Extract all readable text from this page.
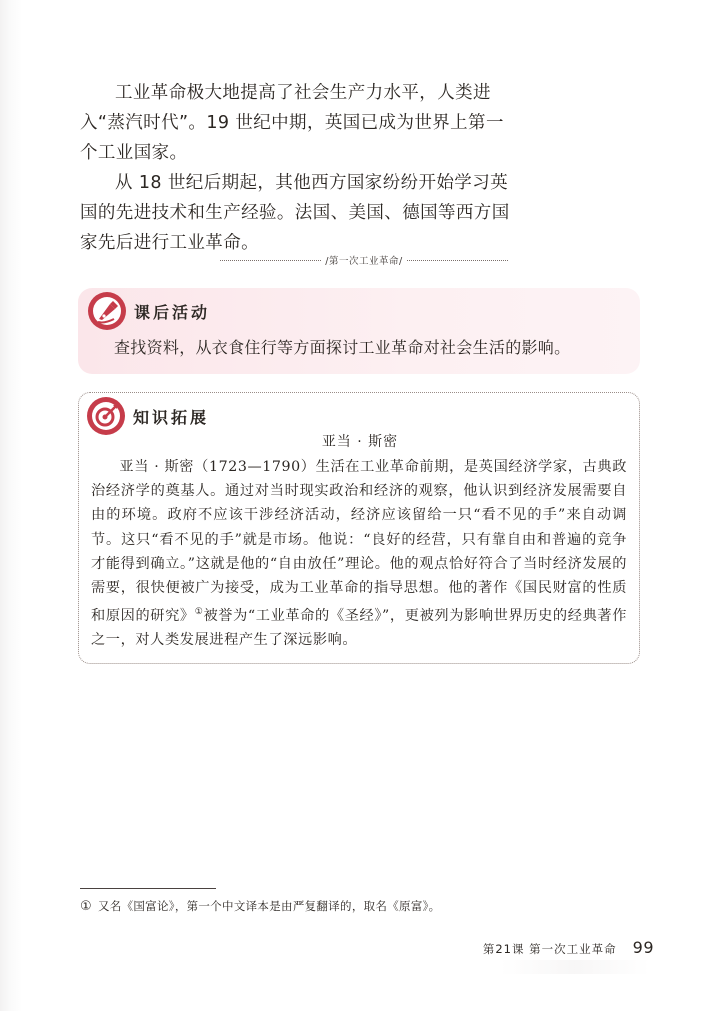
工业革命极大地提高了社会生产力水平，人类进入“蒸汽时代”。19 世纪中期，英国已成为世界上第一个工业国家。

从 18 世纪后期起，其他西方国家纷纷开始学习英国的先进技术和生产经验。法国、美国、德国等西方国家先后进行工业革命。

/第一次工业革命/
课后活动
查找资料，从衣食住行等方面探讨工业革命对社会生活的影响。
知识拓展
亚当 · 斯密

亚当 · 斯密（1723—1790）生活在工业革命前期，是英国经济学家，古典政治经济学的奠基人。通过对当时现实政治和经济的观察，他认识到经济发展需要自由的环境。政府不应该干涉经济活动，经济应该留给一只“看不见的手”来自动调节。这只“看不见的手”就是市场。他说：“良好的经营，只有靠自由和普遍的竞争才能得到确立。”这就是他的“自由放任”理论。他的观点恰好符合了当时经济发展的需要，很快便被广为接受，成为工业革命的指导思想。他的著作《国民财富的性质和原因的研究》①被誉为“工业革命的《圣经》”，更被列为影响世界历史的经典著作之一，对人类发展进程产生了深远影响。

① 又名《国富论》，第一个中文译本是由严复翻译的，取名《原富》。
第21课 第一次工业革命 99
